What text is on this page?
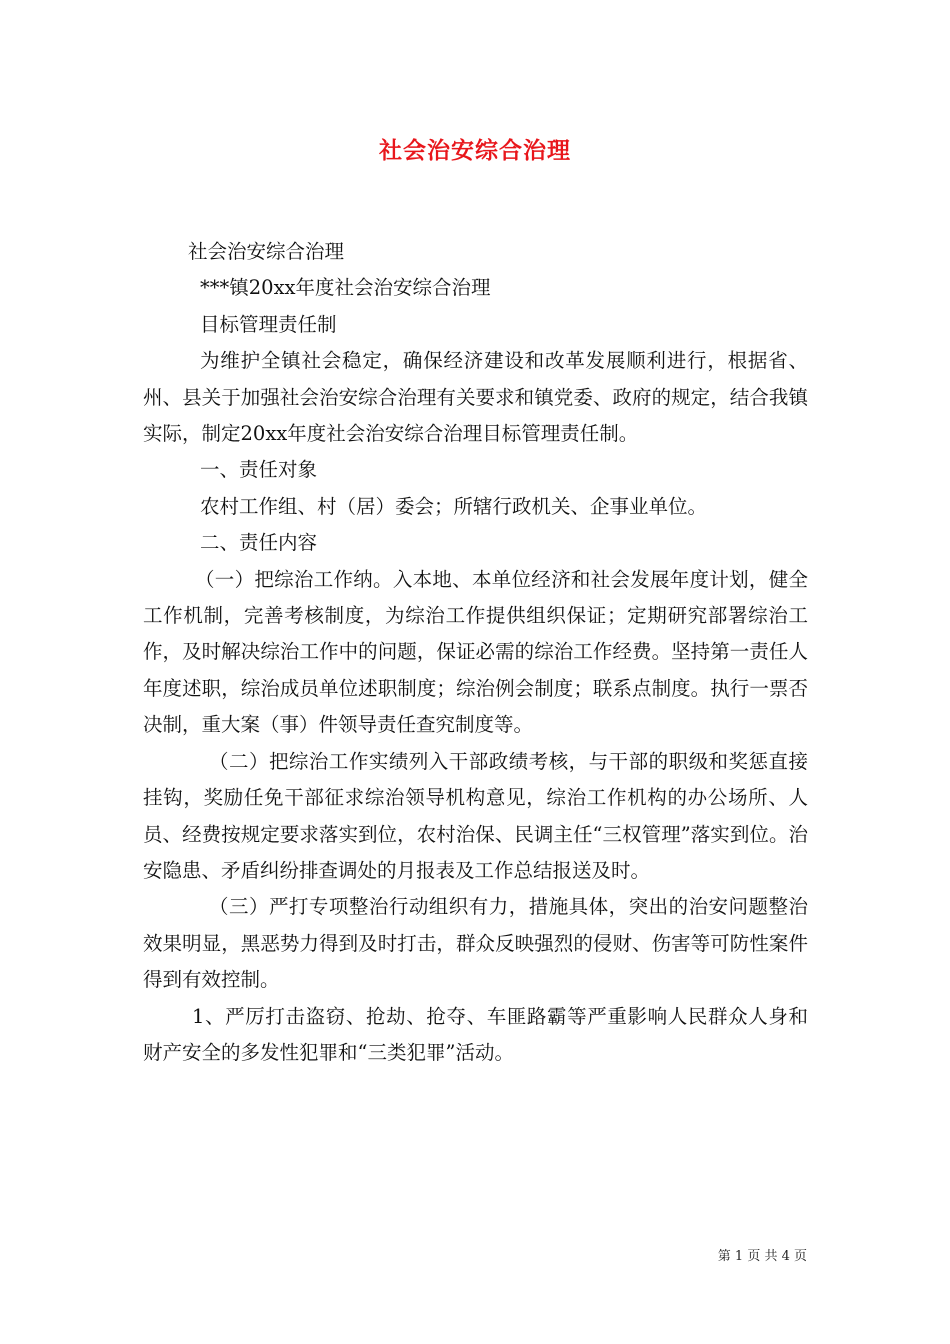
社会治安综合治理

社会治安综合治理

***镇20xx年度社会治安综合治理

目标管理责任制

为维护全镇社会稳定，确保经济建设和改革发展顺利进行，根据省、州、县关于加强社会治安综合治理有关要求和镇党委、政府的规定，结合我镇实际，制定20xx年度社会治安综合治理目标管理责任制。

一、责任对象

农村工作组、村（居）委会；所辖行政机关、企事业单位。

二、责任内容

（一）把综治工作纳。入本地、本单位经济和社会发展年度计划，健全工作机制，完善考核制度，为综治工作提供组织保证；定期研究部署综治工作，及时解决综治工作中的问题，保证必需的综治工作经费。坚持第一责任人年度述职，综治成员单位述职制度；综治例会制度；联系点制度。执行一票否决制，重大案（事）件领导责任查究制度等。

（二）把综治工作实绩列入干部政绩考核，与干部的职级和奖惩直接挂钩，奖励任免干部征求综治领导机构意见，综治工作机构的办公场所、人员、经费按规定要求落实到位，农村治保、民调主任“三权管理”落实到位。治安隐患、矛盾纠纷排查调处的月报表及工作总结报送及时。

（三）严打专项整治行动组织有力，措施具体，突出的治安问题整治效果明显，黑恶势力得到及时打击，群众反映强烈的侵财、伤害等可防性案件得到有效控制。

1、严厉打击盗窃、抢劫、抢夺、车匪路霸等严重影响人民群众人身和财产安全的多发性犯罪和“三类犯罪”活动。

第 1 页 共 4 页
